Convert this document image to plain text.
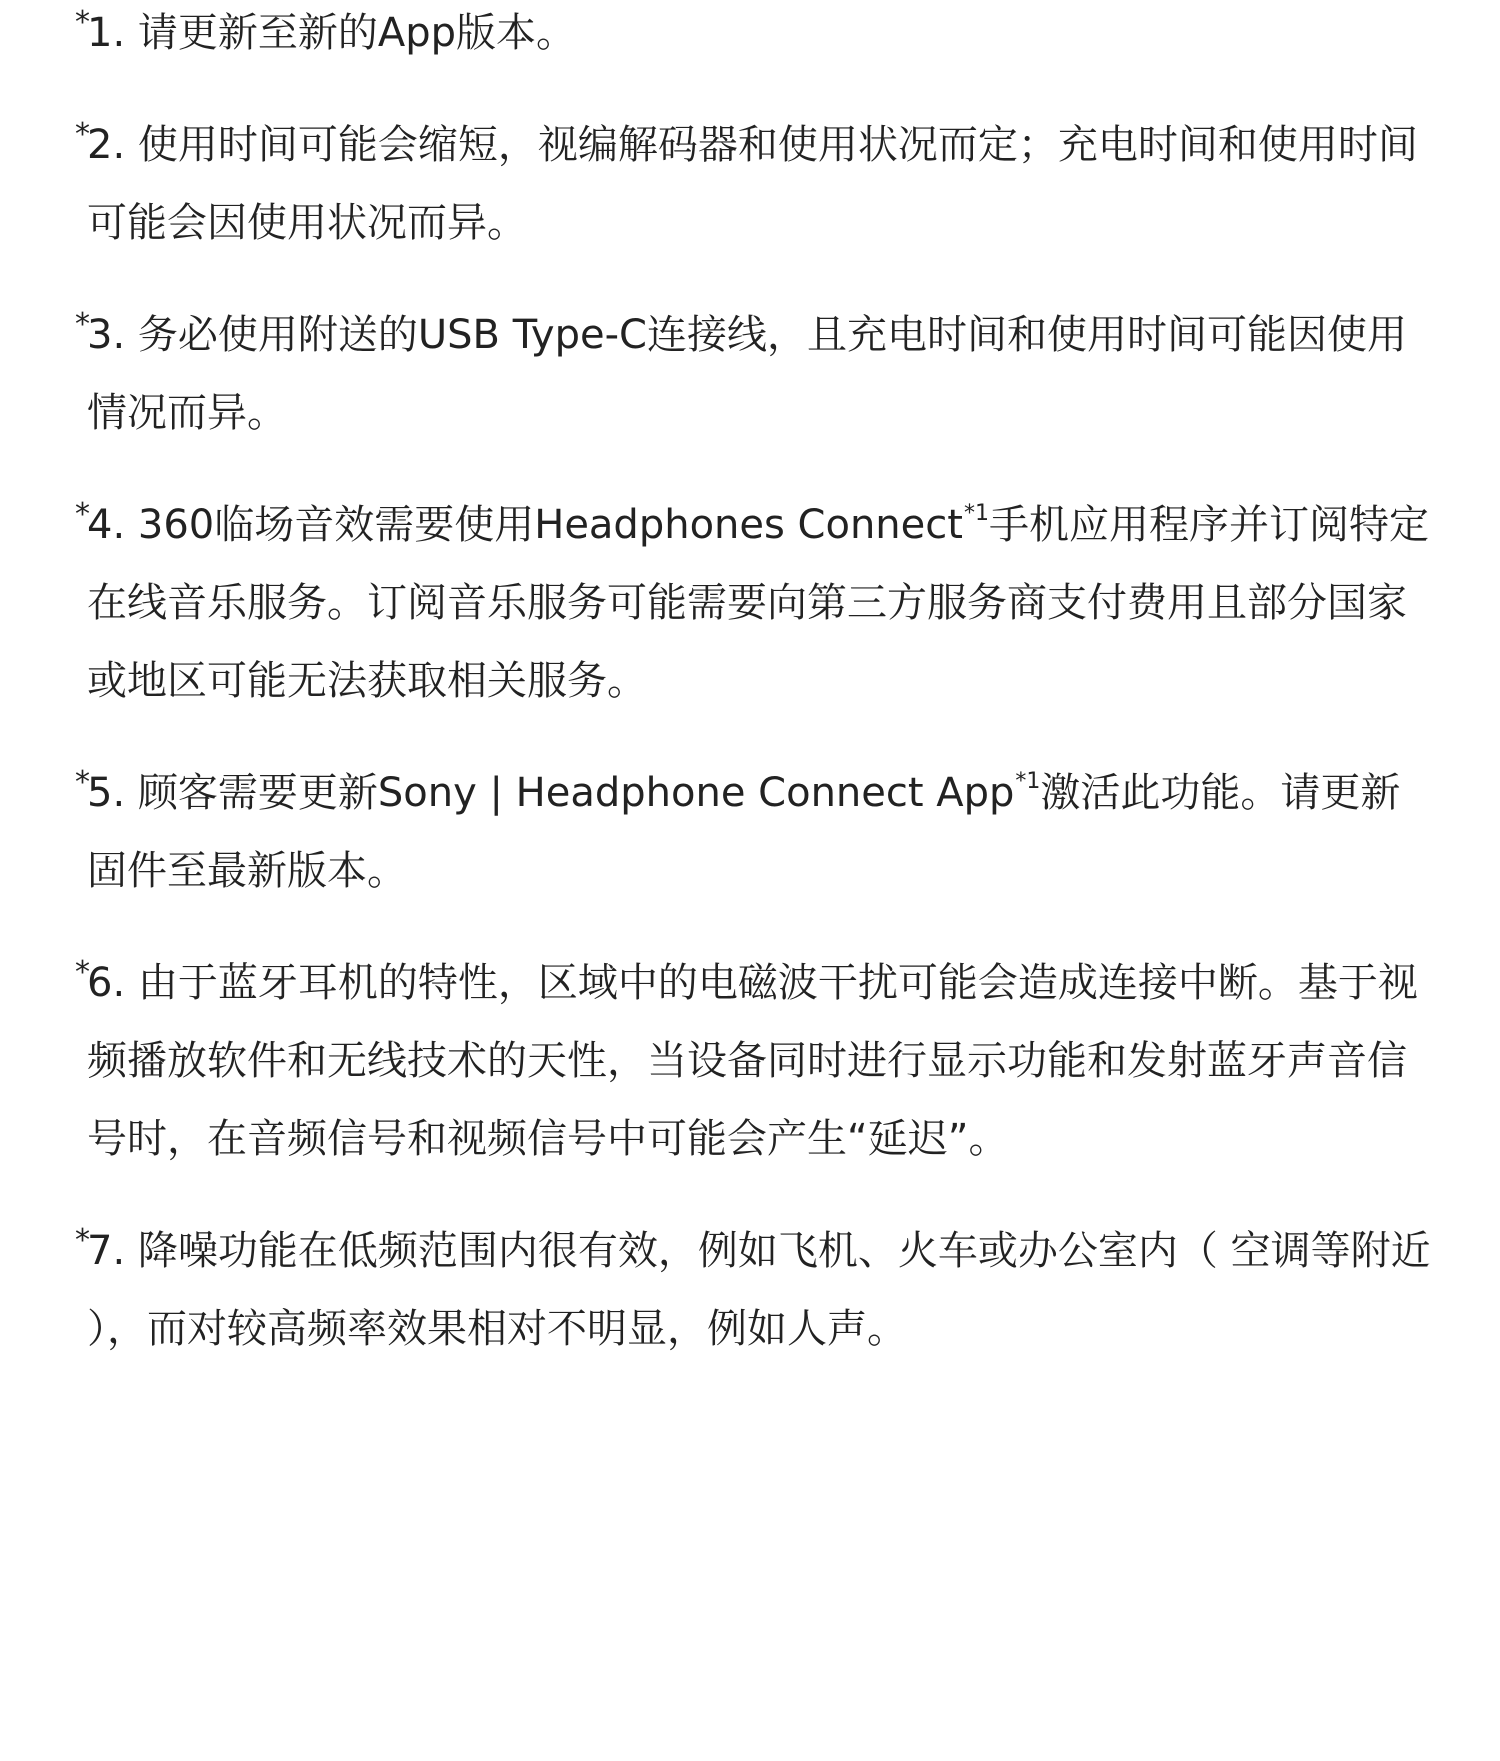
*
1. 请更新至新的App版本。
*
2. 使用时间可能会缩短，视编解码器和使用状况而定；充电时间和使用时间可能会因使用状况而异。
*
3. 务必使用附送的USB Type-C连接线，且充电时间和使用时间可能因使用情况而异。
*
4. 360临场音效需要使用Headphones Connect$^{*1}$手机应用程序并订阅特定在线音乐服务。订阅音乐服务可能需要向第三方服务商支付费用且部分国家或地区可能无法获取相关服务。
*
5. 顾客需要更新Sony | Headphone Connect App$^{*1}$激活此功能。请更新固件至最新版本。
*
6. 由于蓝牙耳机的特性，区域中的电磁波干扰可能会造成连接中断。基于视频播放软件和无线技术的天性，当设备同时进行显示功能和发射蓝牙声音信号时，在音频信号和视频信号中可能会产生“延迟”。
*
7. 降噪功能在低频范围内很有效，例如飞机、火车或办公室内（ 空调等附近 ），而对较高频率效果相对不明显，例如人声。
